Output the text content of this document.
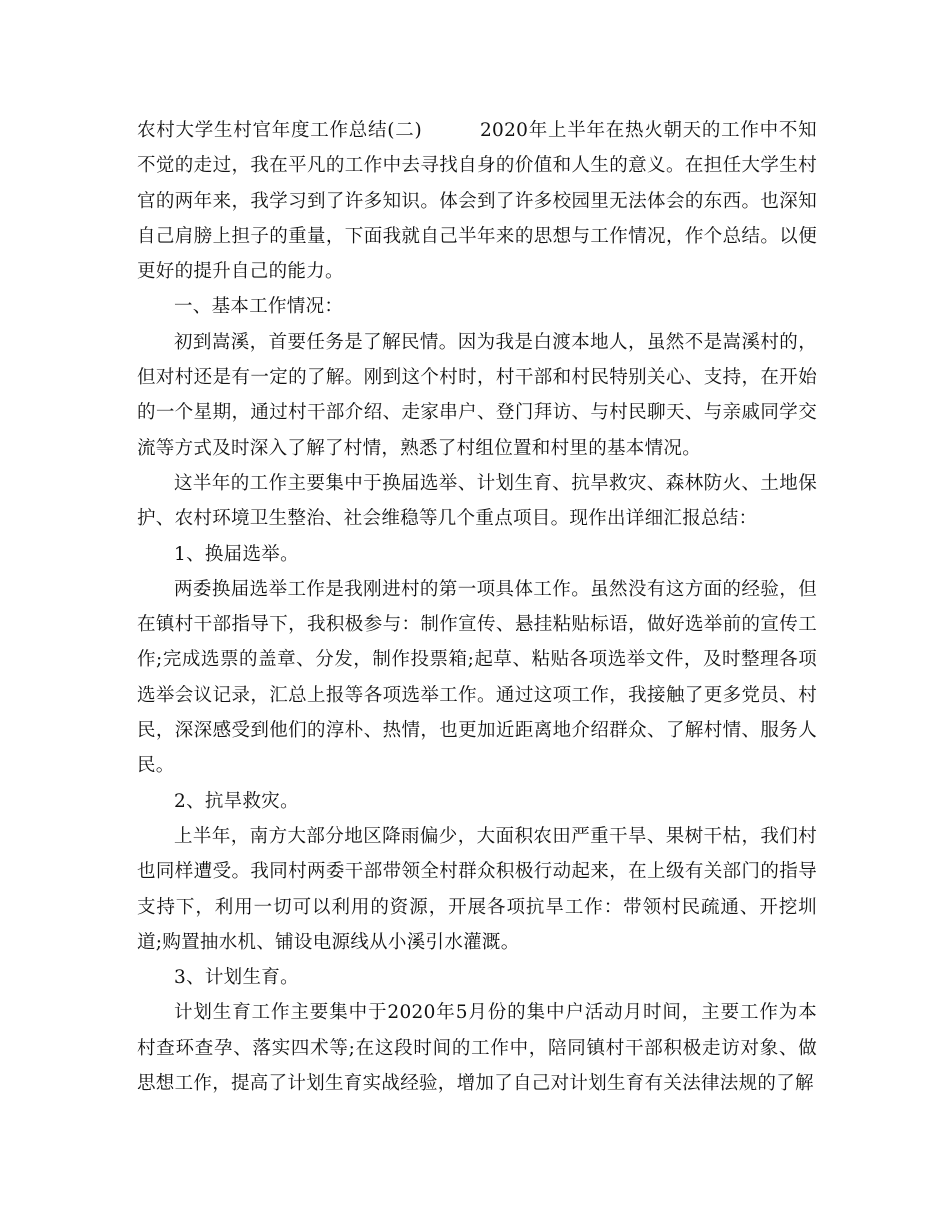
农村大学生村官年度工作总结(二)	2020年上半年在热火朝天的工作中不知不觉的走过，我在平凡的工作中去寻找自身的价值和人生的意义。在担任大学生村官的两年来，我学习到了许多知识。体会到了许多校园里无法体会的东西。也深知自己肩膀上担子的重量，下面我就自己半年来的思想与工作情况，作个总结。以便更好的提升自己的能力。

一、基本工作情况：

初到嵩溪，首要任务是了解民情。因为我是白渡本地人，虽然不是嵩溪村的，但对村还是有一定的了解。刚到这个村时，村干部和村民特别关心、支持，在开始的一个星期，通过村干部介绍、走家串户、登门拜访、与村民聊天、与亲戚同学交流等方式及时深入了解了村情，熟悉了村组位置和村里的基本情况。

这半年的工作主要集中于换届选举、计划生育、抗旱救灾、森林防火、土地保护、农村环境卫生整治、社会维稳等几个重点项目。现作出详细汇报总结：

1、换届选举。

两委换届选举工作是我刚进村的第一项具体工作。虽然没有这方面的经验，但在镇村干部指导下，我积极参与：制作宣传、悬挂粘贴标语，做好选举前的宣传工作;完成选票的盖章、分发，制作投票箱;起草、粘贴各项选举文件，及时整理各项选举会议记录，汇总上报等各项选举工作。通过这项工作，我接触了更多党员、村民，深深感受到他们的淳朴、热情，也更加近距离地介绍群众、了解村情、服务人民。

2、抗旱救灾。

上半年，南方大部分地区降雨偏少，大面积农田严重干旱、果树干枯，我们村也同样遭受。我同村两委干部带领全村群众积极行动起来，在上级有关部门的指导支持下，利用一切可以利用的资源，开展各项抗旱工作：带领村民疏通、开挖圳道;购置抽水机、铺设电源线从小溪引水灌溉。

3、计划生育。

计划生育工作主要集中于2020年5月份的集中户活动月时间，主要工作为本村查环查孕、落实四术等;在这段时间的工作中，陪同镇村干部积极走访对象、做思想工作，提高了计划生育实战经验，增加了自己对计划生育有关法律法规的了解
